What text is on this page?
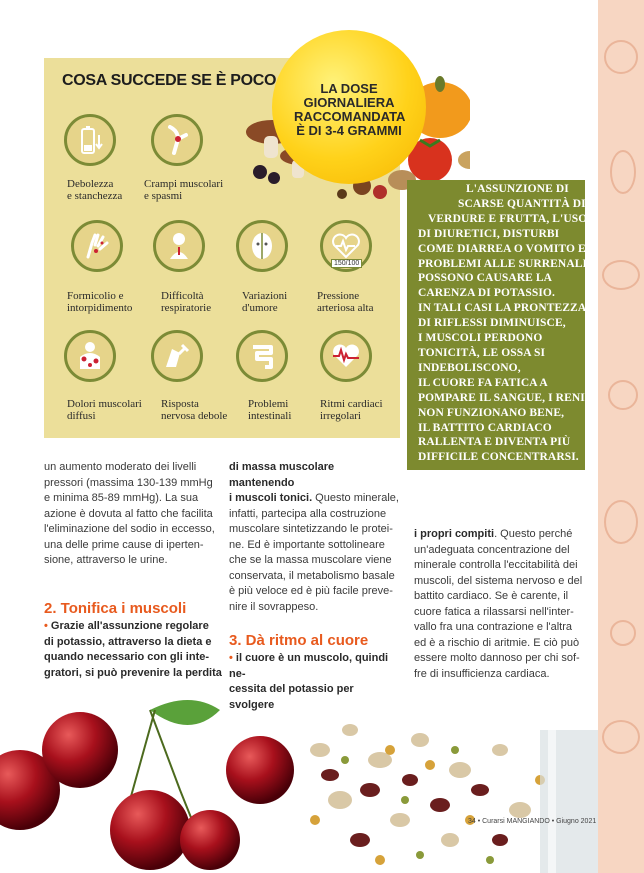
COSA SUCCEDE SE È POCO	LA DOSE
GIORNALIERA
RACCOMANDATA
È DI 3-4 GRAMMI
Debolezza
e stanchezza
Crampi muscolari
e spasmi
150/100
Formicolio e
intorpidimento
Difficoltà
respiratorie
Variazioni
d'umore
Pressione
arteriosa alta
Dolori muscolari
diffusi
Risposta
nervosa debole
Problemi
intestinali
Ritmi cardiaci
irregolari
L'ASSUNZIONE DI
SCARSE QUANTITÀ DI
VERDURE E FRUTTA, L'USO
DI DIURETICI, DISTURBI
COME DIARREA O VOMITO E
PROBLEMI ALLE SURRENALI
POSSONO CAUSARE LA
CARENZA DI POTASSIO.
IN TALI CASI LA PRONTEZZA
DI RIFLESSI DIMINUISCE,
I MUSCOLI PERDONO
TONICITÀ, LE OSSA SI
INDEBOLISCONO,
IL CUORE FA FATICA A
POMPARE IL SANGUE, I RENI
NON FUNZIONANO BENE,
IL BATTITO CARDIACO
RALLENTA E DIVENTA PIÙ
DIFFICILE CONCENTRARSI.
un aumento moderato dei livelli
pressori (massima 130-139 mmHg
e minima 85-89 mmHg). La sua
azione è dovuta al fatto che facilita
l'eliminazione del sodio in eccesso,
una delle prime cause di iperten-
sione, attraverso le urine.
2. Tonifica i muscoli
• Grazie all'assunzione regolare
di potassio, attraverso la dieta e
quando necessario con gli inte-
gratori, si può prevenire la perdita
di massa muscolare mantenendo
i muscoli tonici. Questo minerale,
infatti, partecipa alla costruzione
muscolare sintetizzando le protei-
ne. Ed è importante sottolineare
che se la massa muscolare viene
conservata, il metabolismo basale
è più veloce ed è più facile preve-
nire il sovrappeso.
3. Dà ritmo al cuore
• il cuore è un muscolo, quindi ne-
cessita del potassio per svolgere
i propri compiti. Questo perché
un'adeguata concentrazione del
minerale controlla l'eccitabilità dei
muscoli, del sistema nervoso e del
battito cardiaco. Se è carente, il
cuore fatica a rilassarsi nell'inter-
vallo fra una contrazione e l'altra
ed è a rischio di aritmie. E ciò può
essere molto dannoso per chi sof-
fre di insufficienza cardiaca.
34 • Curarsi MANGIANDO • Giugno 2021
